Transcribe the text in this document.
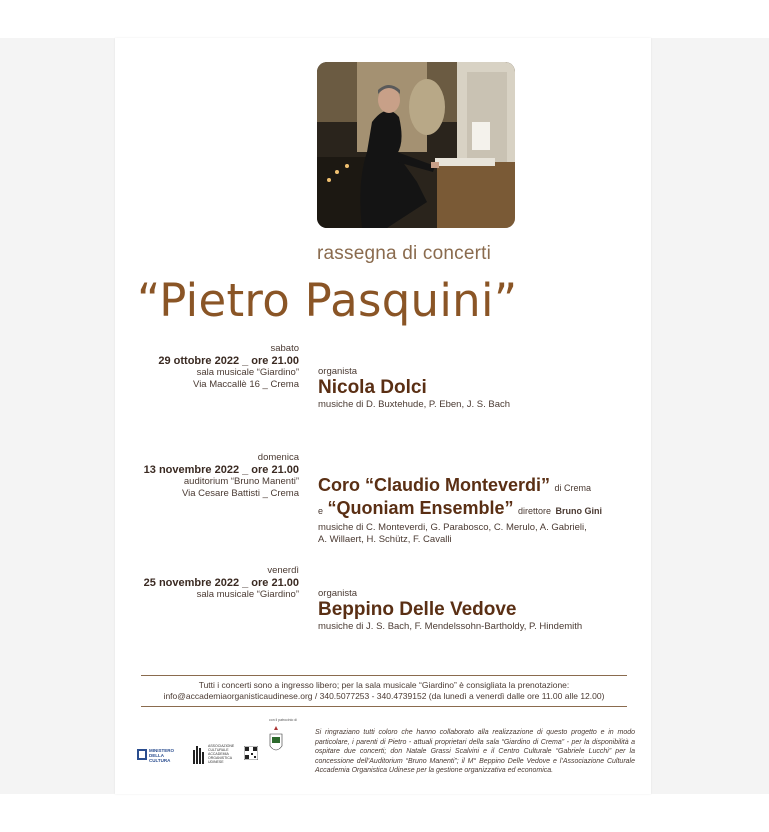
rassegna di concerti
“Pietro Pasquini”
sabato
29 ottobre 2022 _ ore 21.00
sala musicale “Giardino”
Via Maccallè 16 _ Crema
organista
Nicola Dolci
musiche di D. Buxtehude, P. Eben, J. S. Bach
domenica
13 novembre 2022 _ ore 21.00
auditorium “Bruno Manenti”
Via Cesare Battisti _ Crema Coro “Claudio Monteverdi” di Crema
e “Quoniam Ensemble” direttore Bruno Gini
musiche di C. Monteverdi, G. Parabosco, C. Merulo, A. Gabrieli,
A. Willaert, H. Schütz, F. Cavalli
venerdì
25 novembre 2022 _ ore 21.00
sala musicale “Giardino” organista
Beppino Delle Vedove
musiche di J. S. Bach, F. Mendelssohn-Bartholdy, P. Hindemith
Tutti i concerti sono a ingresso libero; per la sala musicale “Giardino” è consigliata la prenotazione:
info@accademiaorganisticaudinese.org / 340.5077253 - 340.4739152 (da lunedì a venerdì dalle ore 11.00 alle 12.00)
MINISTERO
DELLA
CULTURA
ASSOCIAZIONE
CULTURALE
ACCADEMIA
ORGANISTICA
UDINESE
con il patrocinio di
Si ringraziano tutti coloro che hanno collaborato alla realizzazione di questo progetto e in modo particolare, i parenti di Pietro - attuali proprietari della sala “Giardino di Crema” - per la disponibilità a ospitare due concerti; don Natale Grassi Scalvini e il Centro Culturale “Gabriele Lucchi” per la concessione dell’Auditorium “Bruno Manenti”; il M° Beppino Delle Vedove e l’Associazione Culturale Accademia Organistica Udinese per la gestione organizzativa ed economica.
